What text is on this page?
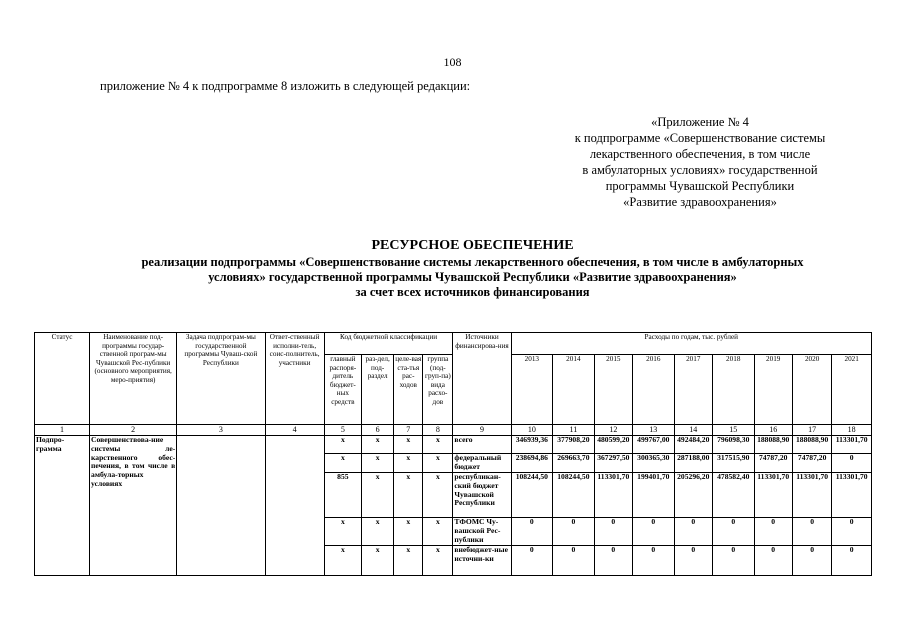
108
приложение № 4 к подпрограмме 8 изложить в следующей редакции:
«Приложение № 4
к подпрограмме «Совершенствование системы
лекарственного обеспечения, в том числе
в амбулаторных условиях» государственной
программы Чувашской Республики
«Развитие здравоохранения»
РЕСУРСНОЕ ОБЕСПЕЧЕНИЕ
реализации подпрограммы «Совершенствование системы лекарственного обеспечения, в том числе в амбулаторных
условиях» государственной программы Чувашской Республики «Развитие здравоохранения»
за счет всех источников финансирования
Статус	Наименование под-программы государ-ственной програм-мы Чувашской Рес-публики (основного мероприятия, меро-приятия)	Задача подпрограм-мы государственной программы Чуваш-ской Республики	Ответ-ственный исполни-тель, соис-полнитель, участники	Код бюджетной классификации				Источники финансирова-ния	Расходы по годам, тыс. рублей								
				главный распоря-дитель бюджет-ных средств	раз-дел, под-раздел	целе-вая ста-тья рас-ходов	группа (под-груп-па) вида расхо-дов		2013	2014	2015	2016	2017	2018	2019	2020	2021
1	2	3	4	5	6	7	8	9	10	11	12	13	14	15	16	17	18
Подпро-грамма	Совершенствова-ние системы ле-карственного обес-печения, в том числе в амбула-торных условиях			x	x	x	x	всего	346939,36	377908,20	480599,20	499767,00	492484,20	796098,30	188088,90	188088,90	113301,70
				x	x	x	x	федеральный бюджет	238694,86	269663,70	367297,50	300365,30	287188,00	317515,90	74787,20	74787,20	0
				855	x	x	x	республикан-ский бюджет Чувашской Республики	108244,50	108244,50	113301,70	199401,70	205296,20	478582,40	113301,70	113301,70	113301,70
				x	x	x	x	ТФОМС Чу-вашской Рес-публики	0	0	0	0	0	0	0	0	0
				x	x	x	x	внебюджет-ные источни-ки	0	0	0	0	0	0	0	0	0
